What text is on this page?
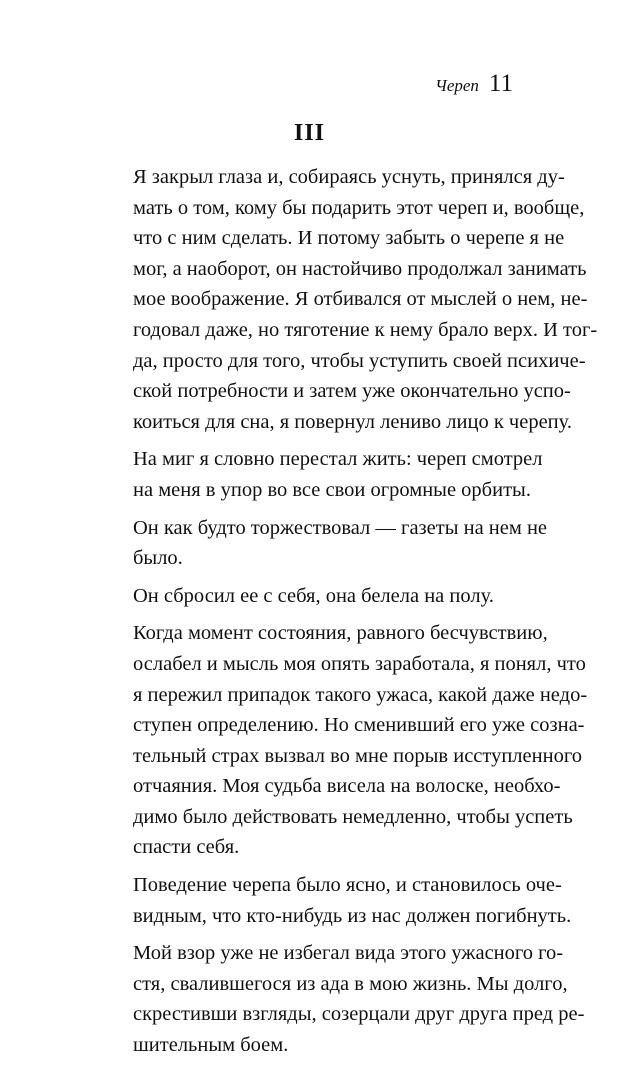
Череп 11
III

Я закрыл глаза и, собираясь уснуть, принялся ду-
мать о том, кому бы подарить этот череп и, вообще,
что с ним сделать. И потому забыть о черепе я не
мог, а наоборот, он настойчиво продолжал занимать
мое воображение. Я отбивался от мыслей о нем, не-
годовал даже, но тяготение к нему брало верх. И тог-
да, просто для того, чтобы уступить своей психиче-
ской потребности и затем уже окончательно успо-
коиться для сна, я повернул лениво лицо к черепу.

На миг я словно перестал жить: череп смотрел
на меня в упор во все свои огромные орбиты.

Он как будто торжествовал — газеты на нем не
было.

Он сбросил ее с себя, она белела на полу.

Когда момент состояния, равного бесчувствию,
ослабел и мысль моя опять заработала, я понял, что
я пережил припадок такого ужаса, какой даже недо-
ступен определению. Но сменивший его уже созна-
тельный страх вызвал во мне порыв исступленного
отчаяния. Моя судьба висела на волоске, необхо-
димо было действовать немедленно, чтобы успеть
спасти себя.

Поведение черепа было ясно, и становилось оче-
видным, что кто-нибудь из нас должен погибнуть.

Мой взор уже не избегал вида этого ужасного го-
стя, свалившегося из ада в мою жизнь. Мы долго,
скрестивши взгляды, созерцали друг друга пред ре-
шительным боем.
